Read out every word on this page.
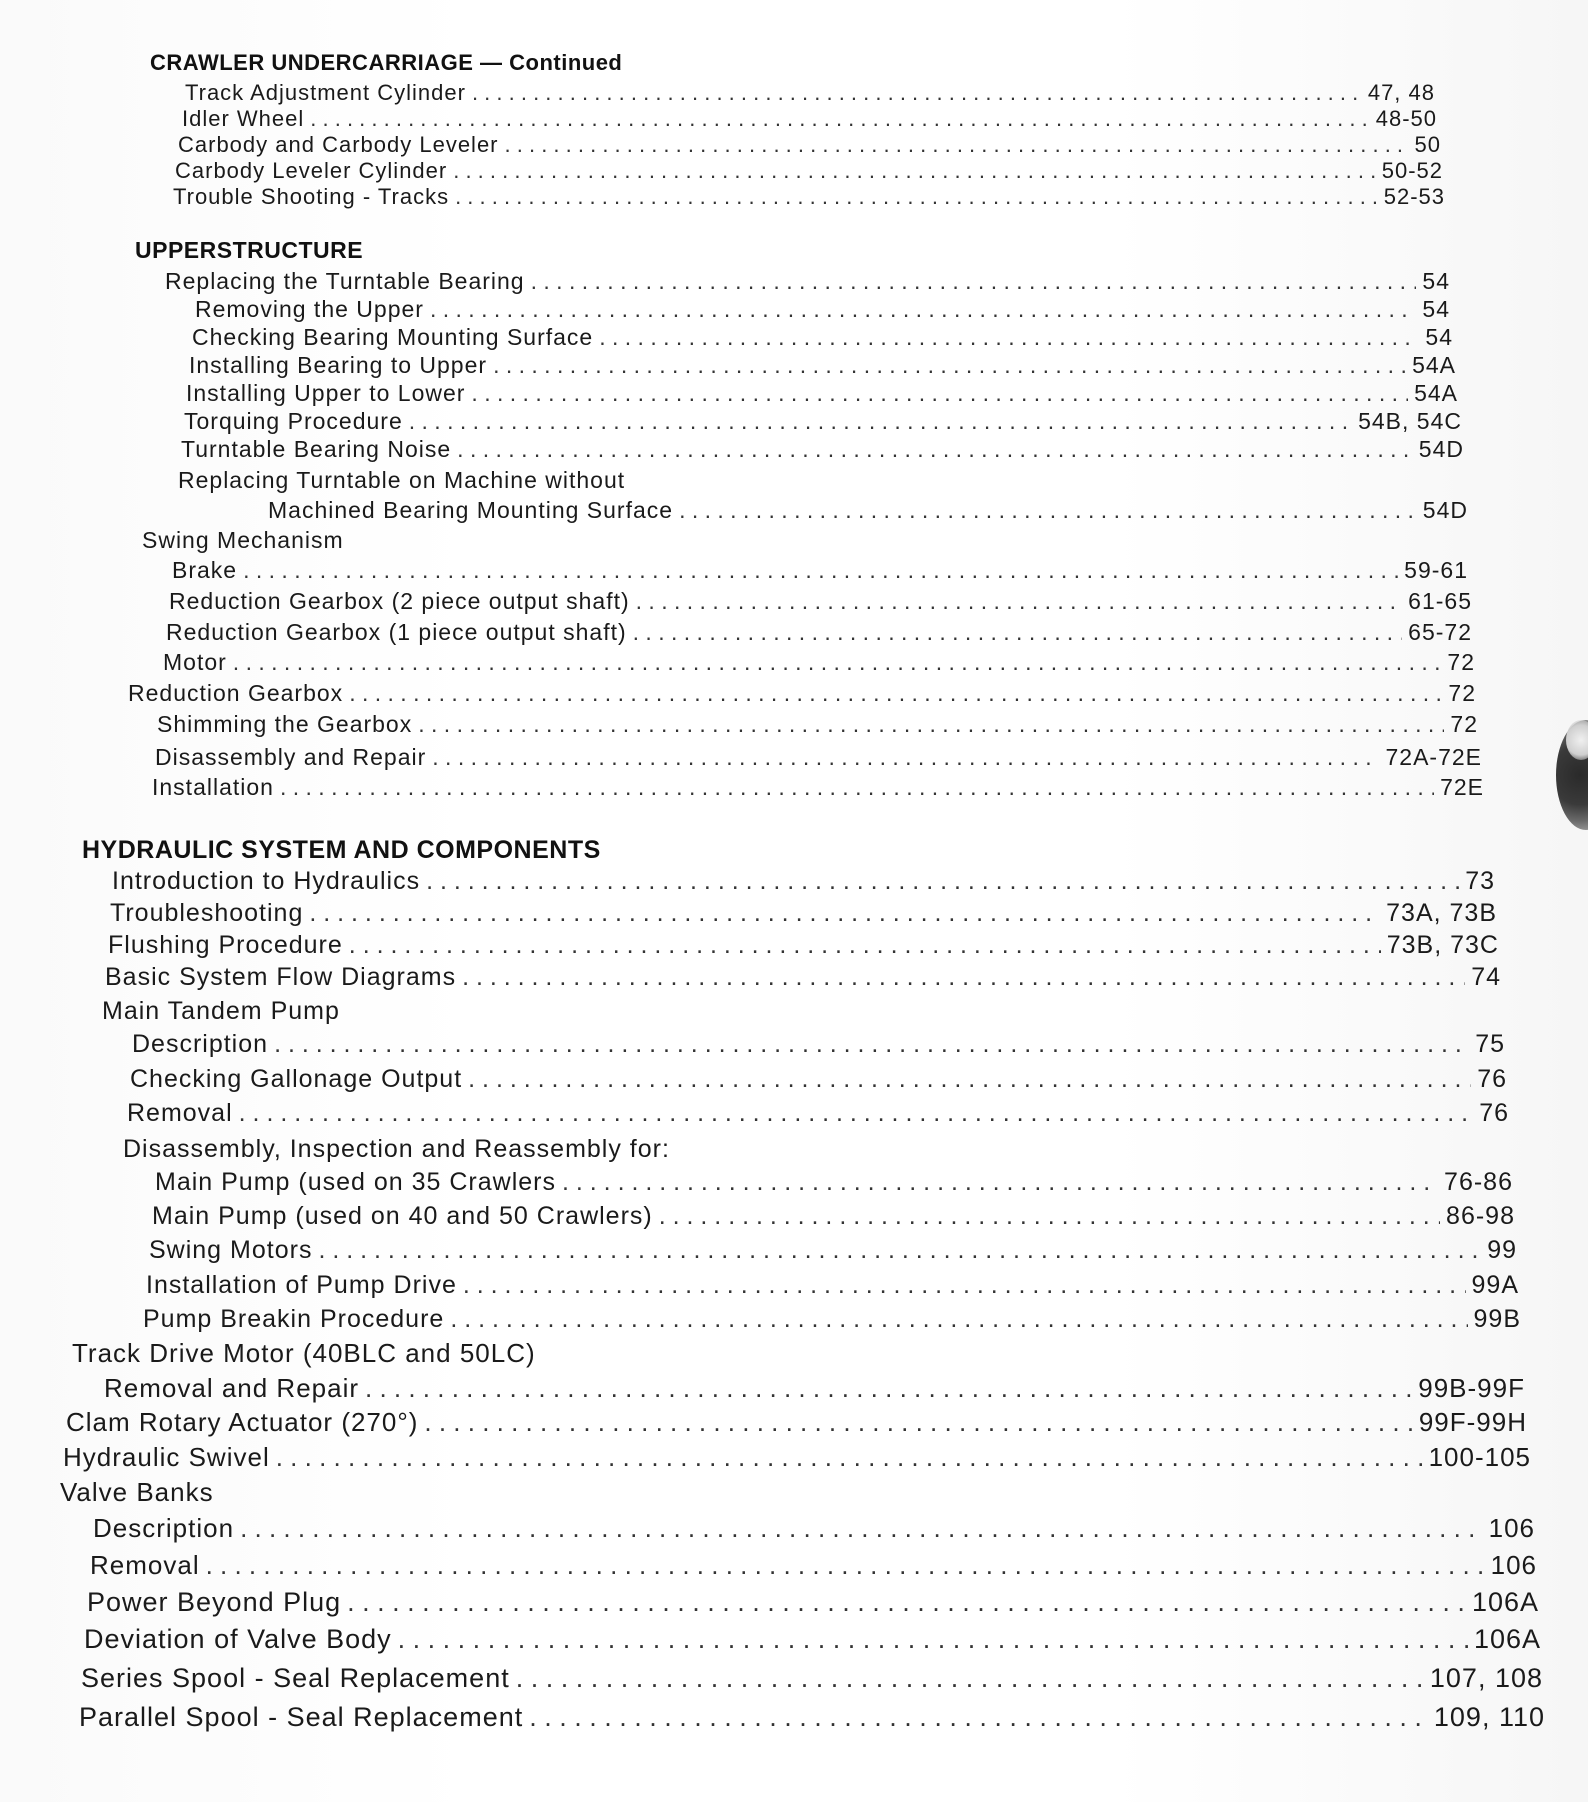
CRAWLER UNDERCARRIAGE — Continued
Track Adjustment Cylinder . . .	47, 48
Idler Wheel . . .	48-50
Carbody and Carbody Leveler . . .	50
Carbody Leveler Cylinder . . .	50-52
Trouble Shooting - Tracks . . .	52-53
UPPERSTRUCTURE
Replacing the Turntable Bearing . . .	54
Removing the Upper . . .	54
Checking Bearing Mounting Surface . . .	54
Installing Bearing to Upper . . .	54A
Installing Upper to Lower . . .	54A
Torquing Procedure . . .	54B, 54C
Turntable Bearing Noise . . .	54D
Replacing Turntable on Machine without
Machined Bearing Mounting Surface . . .	54D
Swing Mechanism
Brake . . .	59-61
Reduction Gearbox (2 piece output shaft) . . .	61-65
Reduction Gearbox (1 piece output shaft) . . .	65-72
Motor . . .	72
Reduction Gearbox . . .	72
Shimming the Gearbox . . .	72
Disassembly and Repair . . .	72A-72E
Installation . . .	72E
HYDRAULIC SYSTEM AND COMPONENTS
Introduction to Hydraulics . . .	73
Troubleshooting . . .	73A, 73B
Flushing Procedure . . .	73B, 73C
Basic System Flow Diagrams . . .	74
Main Tandem Pump
Description . . .	75
Checking Gallonage Output . . .	76
Removal . . .	76
Disassembly, Inspection and Reassembly for:
Main Pump (used on 35 Crawlers . . .	76-86
Main Pump (used on 40 and 50 Crawlers) . . .	86-98
Swing Motors . . .	99
Installation of Pump Drive . . .	99A
Pump Breakin Procedure . . .	99B
Track Drive Motor (40BLC and 50LC)
Removal and Repair . . .	99B-99F
Clam Rotary Actuator (270°) . . .	99F-99H
Hydraulic Swivel . . .	100-105
Valve Banks
Description . . .	106
Removal . . .	106
Power Beyond Plug . . .	106A
Deviation of Valve Body . . .	106A
Series Spool - Seal Replacement . . .	107, 108
Parallel Spool - Seal Replacement . . .	109, 110
